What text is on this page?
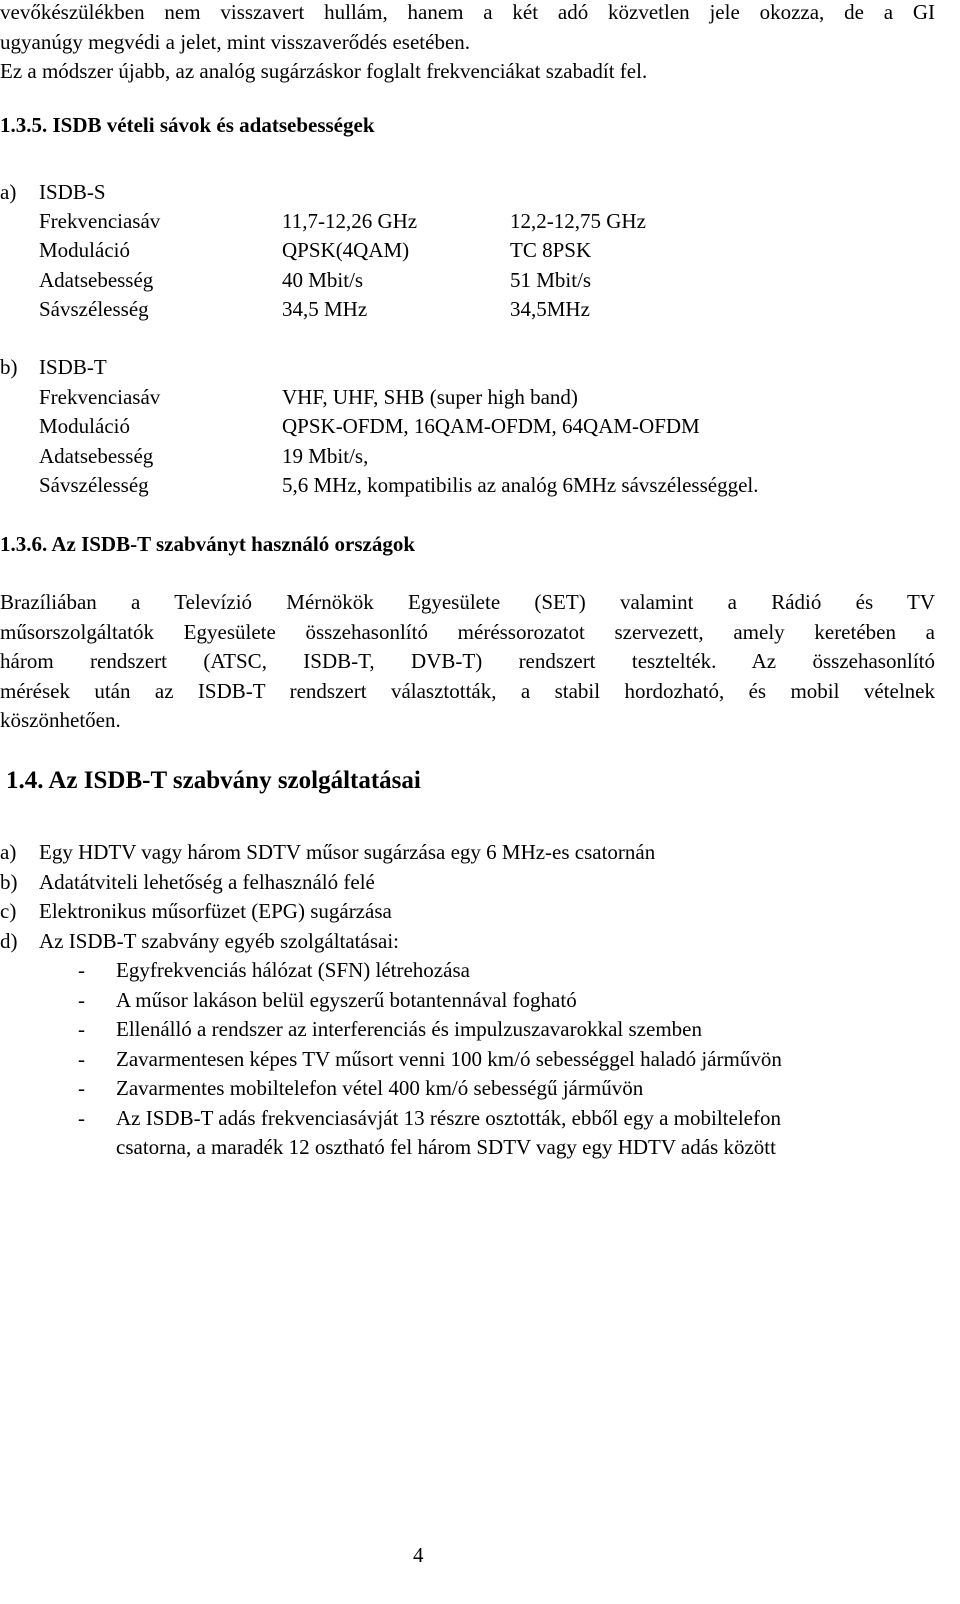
vevőkészülékben nem visszavert hullám, hanem a két adó közvetlen jele okozza, de a GI
ugyanúgy megvédi a jelet, mint visszaverődés esetében.
Ez a módszer újabb, az analóg sugárzáskor foglalt frekvenciákat szabadít fel.
1.3.5. ISDB vételi sávok és adatsebességek
a) ISDB-S
Frekvenciasáv	11,7-12,26 GHz	12,2-12,75 GHz
Moduláció	QPSK(4QAM)	TC 8PSK
Adatsebesség	40 Mbit/s	51 Mbit/s
Sávszélesség	34,5 MHz	34,5MHz
b) ISDB-T
Frekvenciasáv	VHF, UHF, SHB (super high band)
Moduláció	QPSK-OFDM, 16QAM-OFDM, 64QAM-OFDM
Adatsebesség	19 Mbit/s,
Sávszélesség	5,6 MHz, kompatibilis az analóg 6MHz sávszélességgel.
1.3.6. Az ISDB-T szabványt használó országok
Brazíliában a Televízió Mérnökök Egyesülete (SET) valamint a Rádió és TV
műsorszolgáltatók Egyesülete összehasonlító méréssorozatot szervezett, amely keretében a
három rendszert (ATSC, ISDB-T, DVB-T) rendszert tesztelték. Az összehasonlító
mérések után az ISDB-T rendszert választották, a stabil hordozható, és mobil vételnek
köszönhetően.
1.4. Az ISDB-T szabvány szolgáltatásai
a) Egy HDTV vagy három SDTV műsor sugárzása egy 6 MHz-es csatornán
b) Adatátviteli lehetőség a felhasználó felé
c) Elektronikus műsorfüzet (EPG) sugárzása
d) Az ISDB-T szabvány egyéb szolgáltatásai:
- Egyfrekvenciás hálózat (SFN) létrehozása
- A műsor lakáson belül egyszerű botantennával fogható
- Ellenálló a rendszer az interferenciás és impulzuszavarokkal szemben
- Zavarmentesen képes TV műsort venni 100 km/ó sebességgel haladó járművön
- Zavarmentes mobiltelefon vétel 400 km/ó sebességű járművön
- Az ISDB-T adás frekvenciasávját 13 részre osztották, ebből egy a mobiltelefon
csatorna, a maradék 12 osztható fel három SDTV vagy egy HDTV adás között
4
